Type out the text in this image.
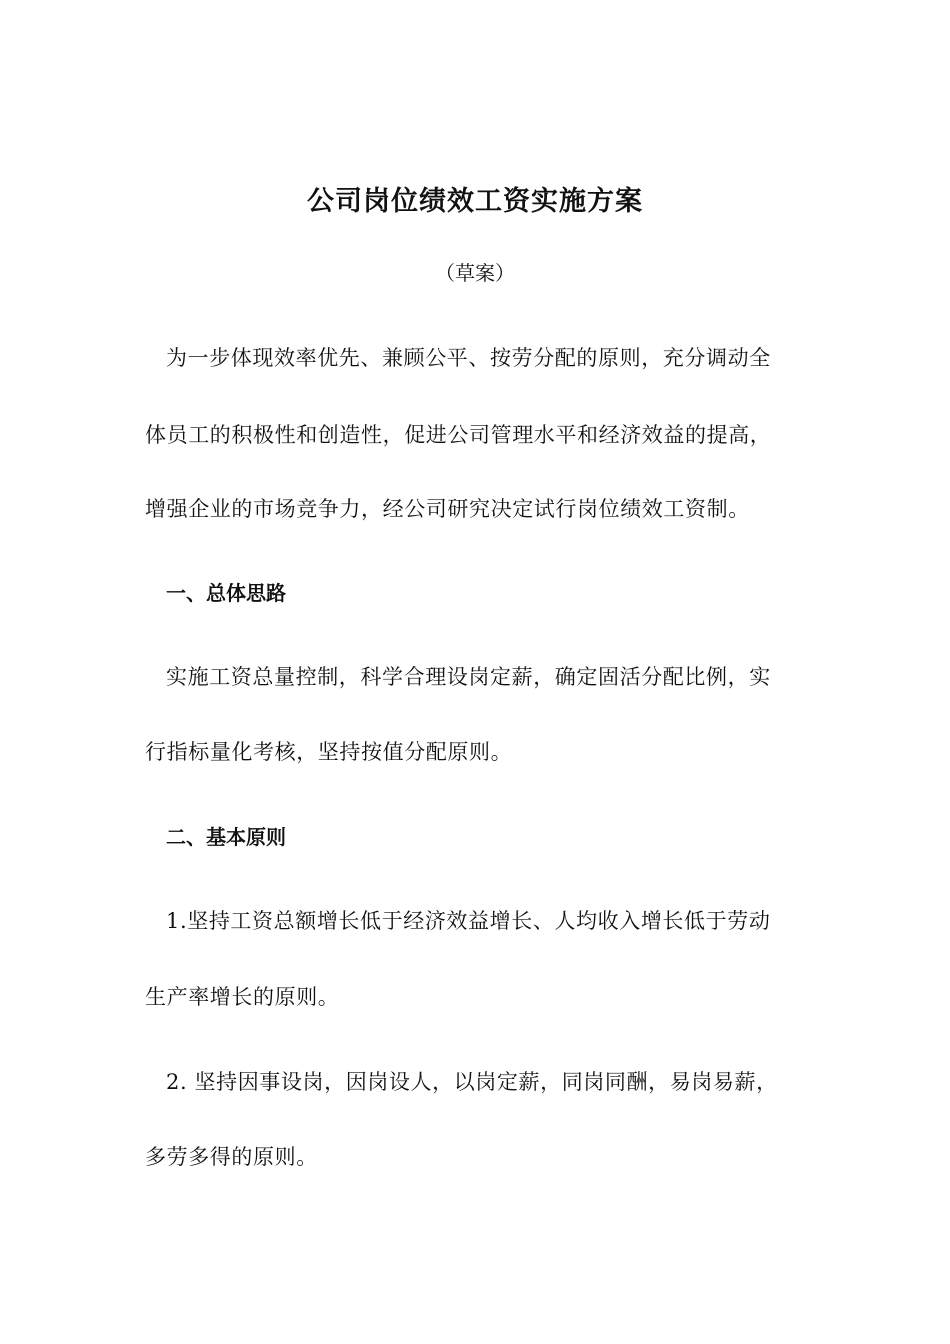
公司岗位绩效工资实施方案
（草案）
为一步体现效率优先、兼顾公平、按劳分配的原则，充分调动全
体员工的积极性和创造性，促进公司管理水平和经济效益的提高，
增强企业的市场竞争力，经公司研究决定试行岗位绩效工资制。
一、总体思路
实施工资总量控制，科学合理设岗定薪，确定固活分配比例，实
行指标量化考核，坚持按值分配原则。
二、基本原则
1.坚持工资总额增长低于经济效益增长、人均收入增长低于劳动
生产率增长的原则。
2. 坚持因事设岗，因岗设人，以岗定薪，同岗同酬，易岗易薪，
多劳多得的原则。
